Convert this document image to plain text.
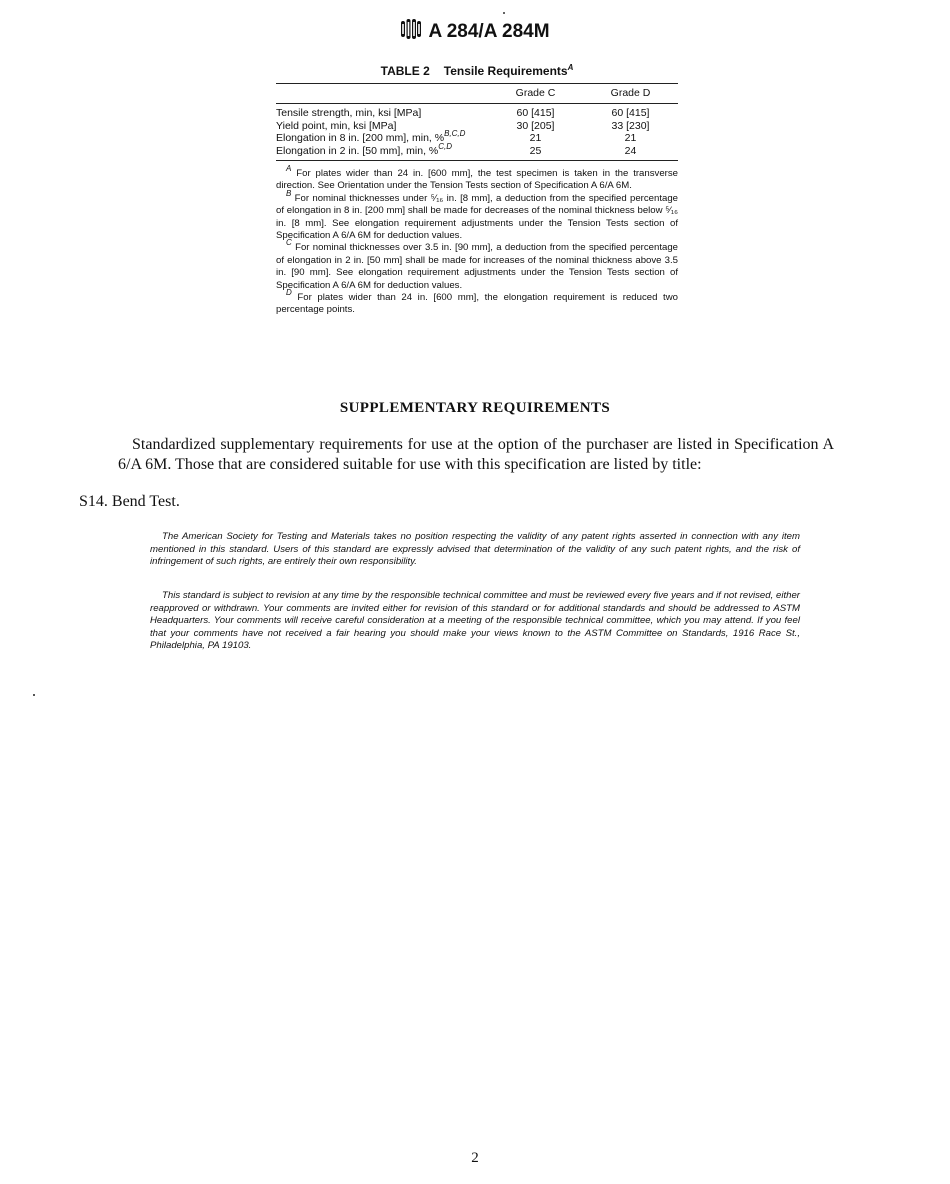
A 284/A 284M
TABLE 2 Tensile Requirements$^A$
	Grade C	Grade D
Tensile strength, min, ksi [MPa]	60 [415]	60 [415]
Yield point, min, ksi [MPa]	30 [205]	33 [230]
Elongation in 8 in. [200 mm], min, %$^{B,C,D}$	21	21
Elongation in 2 in. [50 mm], min, %$^{C,D}$	25	24

$^A$ For plates wider than 24 in. [600 mm], the test specimen is taken in the transverse direction. See Orientation under the Tension Tests section of Specification A 6/A 6M.

$^B$ For nominal thicknesses under ⁵⁄₁₆ in. [8 mm], a deduction from the specified percentage of elongation in 8 in. [200 mm] shall be made for decreases of the nominal thickness below ⁵⁄₁₆ in. [8 mm]. See elongation requirement adjustments under the Tension Tests section of Specification A 6/A 6M for deduction values.

$^C$ For nominal thicknesses over 3.5 in. [90 mm], a deduction from the specified percentage of elongation in 2 in. [50 mm] shall be made for increases of the nominal thickness above 3.5 in. [90 mm]. See elongation requirement adjustments under the Tension Tests section of Specification A 6/A 6M for deduction values.

$^D$ For plates wider than 24 in. [600 mm], the elongation requirement is reduced two percentage points.

SUPPLEMENTARY REQUIREMENTS
Standardized supplementary requirements for use at the option of the purchaser are listed in Specification A 6/A 6M. Those that are considered suitable for use with this specification are listed by title:
S14. Bend Test.

The American Society for Testing and Materials takes no position respecting the validity of any patent rights asserted in connection with any item mentioned in this standard. Users of this standard are expressly advised that determination of the validity of any such patent rights, and the risk of infringement of such rights, are entirely their own responsibility.

This standard is subject to revision at any time by the responsible technical committee and must be reviewed every five years and if not revised, either reapproved or withdrawn. Your comments are invited either for revision of this standard or for additional standards and should be addressed to ASTM Headquarters. Your comments will receive careful consideration at a meeting of the responsible technical committee, which you may attend. If you feel that your comments have not received a fair hearing you should make your views known to the ASTM Committee on Standards, 1916 Race St., Philadelphia, PA 19103.

2
